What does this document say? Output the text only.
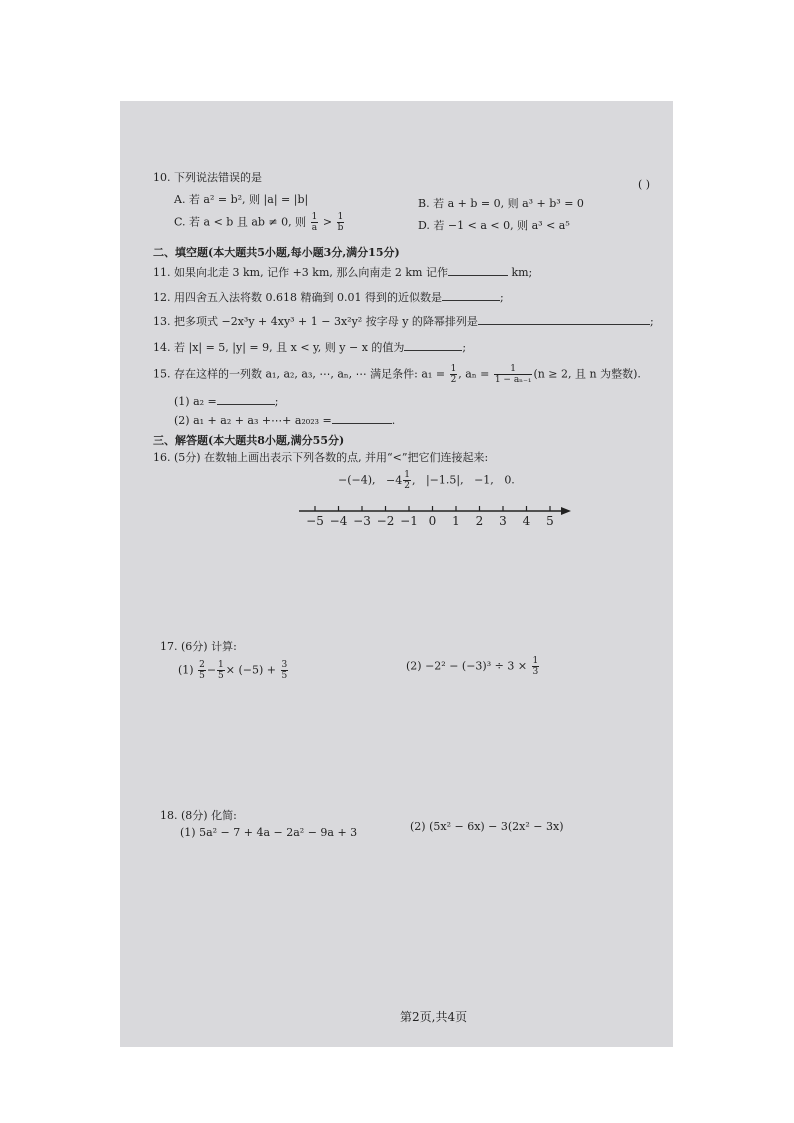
10. 下列说法错误的是
( )
A. 若 a² = b², 则 |a| = |b|	B. 若 a + b = 0, 则 a³ + b³ = 0
C. 若 a < b 且 ab ≠ 0, 则 $\frac{1}{a} > \frac{1}{b}$	D. 若 −1 < a < 0, 则 a³ < a⁵
二、填空题(本大题共5小题,每小题3分,满分15分)
11. 如果向北走 3 km, 记作 +3 km, 那么向南走 2 km 记作	km;
12. 用四舍五入法将数 0.618 精确到 0.01 得到的近似数是	;
13. 把多项式 −2x³y + 4xy³ + 1 − 3x²y² 按字母 y 的降幂排列是	;
14. 若 |x| = 5, |y| = 9, 且 x < y, 则 y − x 的值为	;
15. 存在这样的一列数 a₁, a₂, a₃, ⋯, aₙ, ⋯ 满足条件: $a_1 = \frac{1}{2}$ , $a_n = \frac{1}{\text{1 − aₙ₋₁}} (n \ge 2$, 且 n 为整数).
(1) a₂ =	;
(2) a₁ + a₂ + a₃ +⋯+ a₂₀₂₃ =	.
三、解答题(本大题共8小题,满分55分)
16. (5分) 在数轴上画出表示下列各数的点, 并用“<”把它们连接起来:
−(−4), $-4 \frac{1}{2}$ , |−1.5|, −1, 0.
−5 −4 −3 −2 −1 0 1 2 3 4 5
17. (6分) 计算:
$(1) \frac{2}{5} - \frac{1}{5} \times (-5) + \frac{3}{5}$	$(2) -2^2 - (-3)^3 \div 3 \times \frac{1}{3}$
18. (8分) 化简:
(1) 5a² − 7 + 4a − 2a² − 9a + 3	(2) (5x² − 6x) − 3(2x² − 3x)
第2页,共4页
